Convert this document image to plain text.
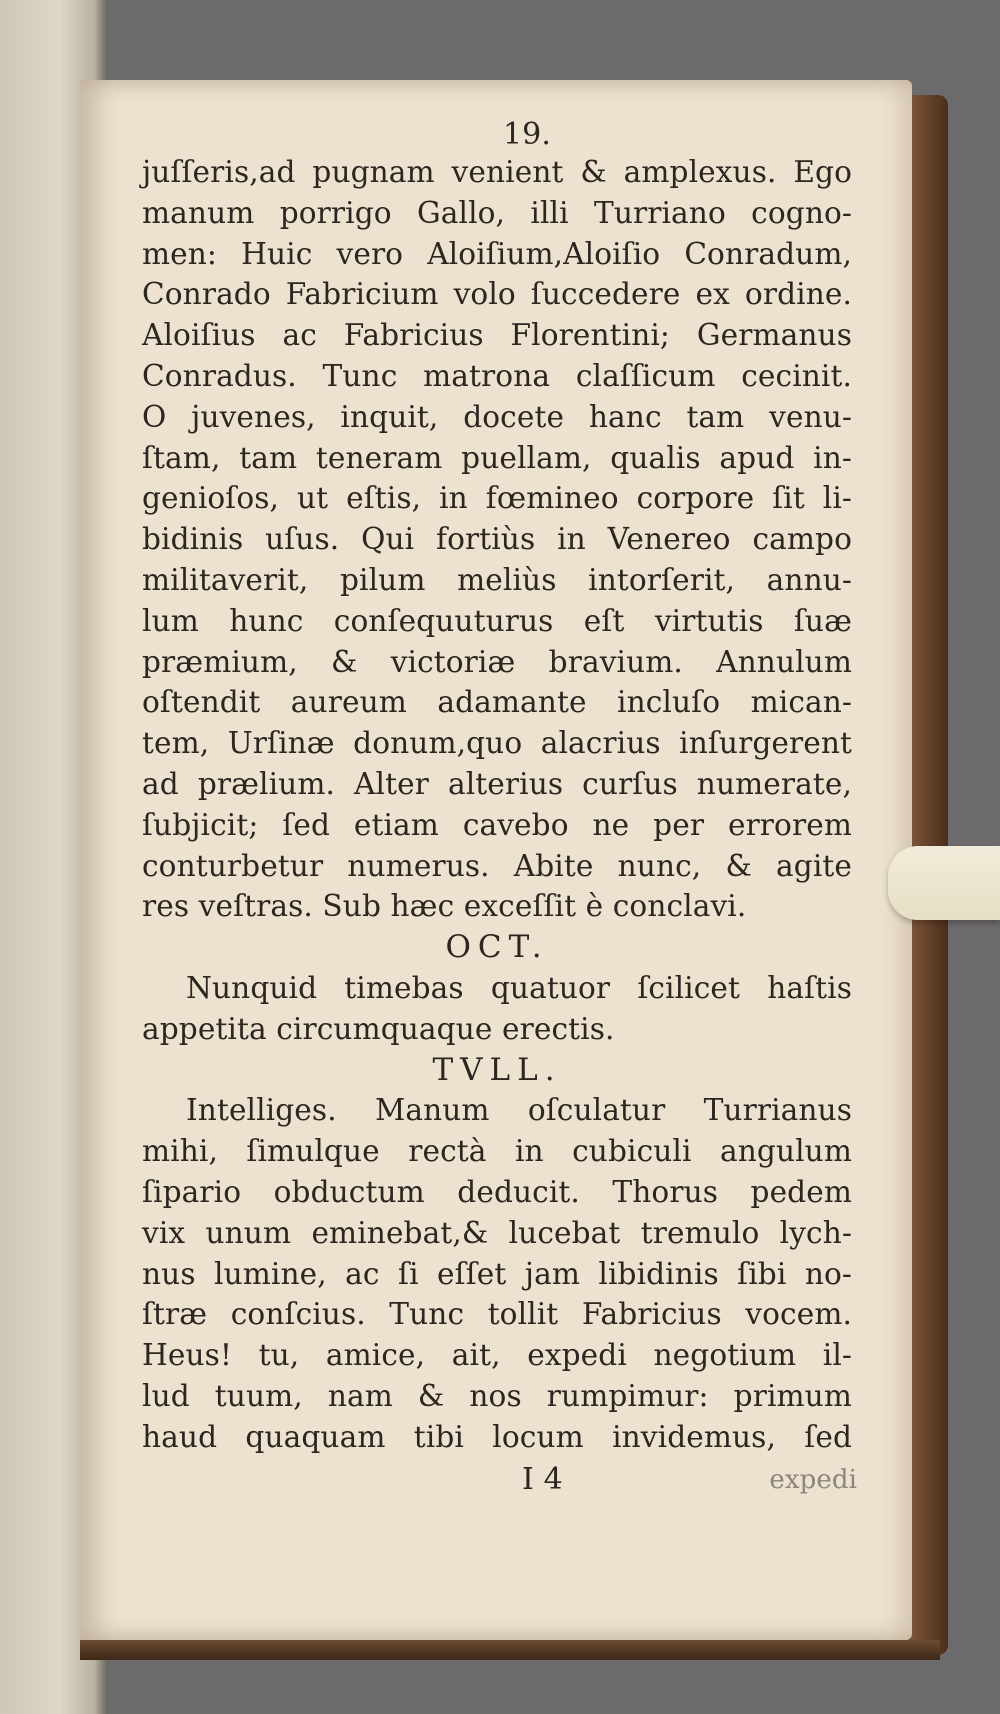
19.
juſſeris,ad pugnam venient & amplexus. Ego
manum porrigo Gallo, illi Turriano cogno-
men: Huic vero Aloiſium,Aloiſio Conradum,
Conrado Fabricium volo ſuccedere ex ordine.
Aloiſius ac Fabricius Florentini; Germanus
Conradus. Tunc matrona claſſicum cecinit.
O juvenes, inquit, docete hanc tam venu-
ſtam, tam teneram puellam, qualis apud in-
genioſos, ut eſtis, in fœmineo corpore ſit li-
bidinis uſus. Qui fortiùs in Venereo campo
militaverit, pilum meliùs intorſerit, annu-
lum hunc conſequuturus eſt virtutis ſuæ
præmium, & victoriæ bravium. Annulum
oſtendit aureum adamante incluſo mican-
tem, Urſinæ donum,quo alacrius inſurgerent
ad prælium. Alter alterius curſus numerate,
ſubjicit; ſed etiam cavebo ne per errorem
conturbetur numerus. Abite nunc, & agite
res veſtras. Sub hæc exceſſit è conclavi.
OCT.
Nunquid timebas quatuor ſcilicet haſtis
appetita circumquaque erectis.
TVLL.
Intelliges. Manum oſculatur Turrianus
mihi, ſimulque rectà in cubiculi angulum
ſipario obductum deducit. Thorus pedem
vix unum eminebat,& lucebat tremulo lych-
nus lumine, ac ſi eſſet jam libidinis ſibi no-
ſtræ conſcius. Tunc tollit Fabricius vocem.
Heus! tu, amice, ait, expedi negotium il-
lud tuum, nam & nos rumpimur: primum
haud quaquam tibi locum invidemus, ſed
I 4	expedi
